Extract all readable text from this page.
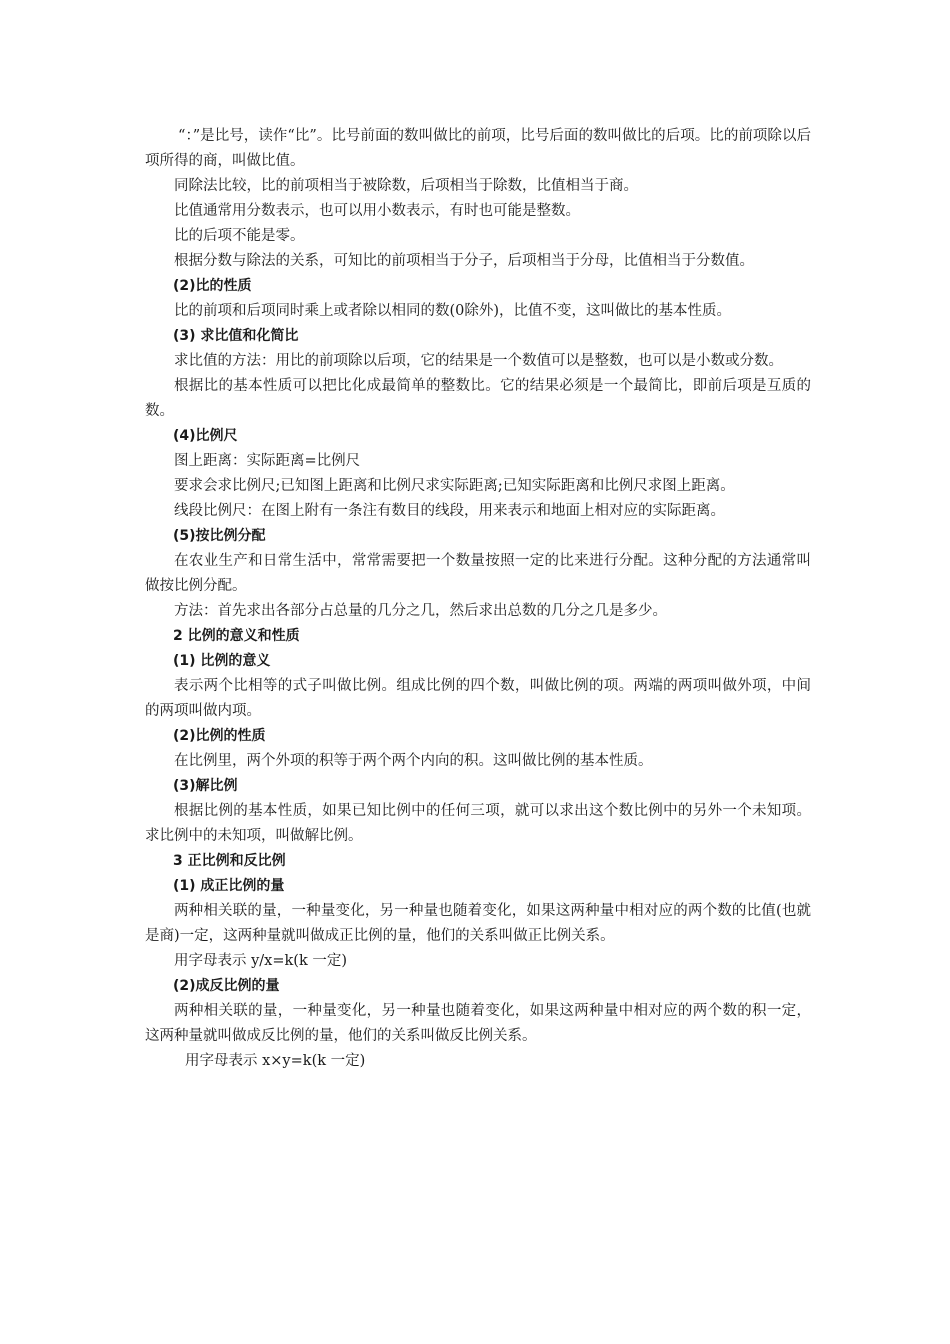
“：”是比号，读作“比”。比号前面的数叫做比的前项，比号后面的数叫做比的后项。比的前项除以后项所得的商，叫做比值。

同除法比较，比的前项相当于被除数，后项相当于除数，比值相当于商。

比值通常用分数表示，也可以用小数表示，有时也可能是整数。

比的后项不能是零。

根据分数与除法的关系，可知比的前项相当于分子，后项相当于分母，比值相当于分数值。

(2)比的性质

比的前项和后项同时乘上或者除以相同的数(0除外)，比值不变，这叫做比的基本性质。

(3) 求比值和化简比

求比值的方法：用比的前项除以后项，它的结果是一个数值可以是整数，也可以是小数或分数。

根据比的基本性质可以把比化成最简单的整数比。它的结果必须是一个最简比，即前后项是互质的数。

(4)比例尺

图上距离：实际距离=比例尺

要求会求比例尺;已知图上距离和比例尺求实际距离;已知实际距离和比例尺求图上距离。

线段比例尺：在图上附有一条注有数目的线段，用来表示和地面上相对应的实际距离。

(5)按比例分配

在农业生产和日常生活中，常常需要把一个数量按照一定的比来进行分配。这种分配的方法通常叫做按比例分配。

方法：首先求出各部分占总量的几分之几，然后求出总数的几分之几是多少。

2 比例的意义和性质

(1) 比例的意义

表示两个比相等的式子叫做比例。组成比例的四个数，叫做比例的项。两端的两项叫做外项，中间的两项叫做内项。

(2)比例的性质

在比例里，两个外项的积等于两个两个内向的积。这叫做比例的基本性质。

(3)解比例

根据比例的基本性质，如果已知比例中的任何三项，就可以求出这个数比例中的另外一个未知项。求比例中的未知项，叫做解比例。

3 正比例和反比例

(1) 成正比例的量

两种相关联的量，一种量变化，另一种量也随着变化，如果这两种量中相对应的两个数的比值(也就是商)一定，这两种量就叫做成正比例的量，他们的关系叫做正比例关系。

用字母表示 y/x=k(k 一定)

(2)成反比例的量

两种相关联的量，一种量变化，另一种量也随着变化，如果这两种量中相对应的两个数的积一定，这两种量就叫做成反比例的量，他们的关系叫做反比例关系。

用字母表示 x×y=k(k 一定)
